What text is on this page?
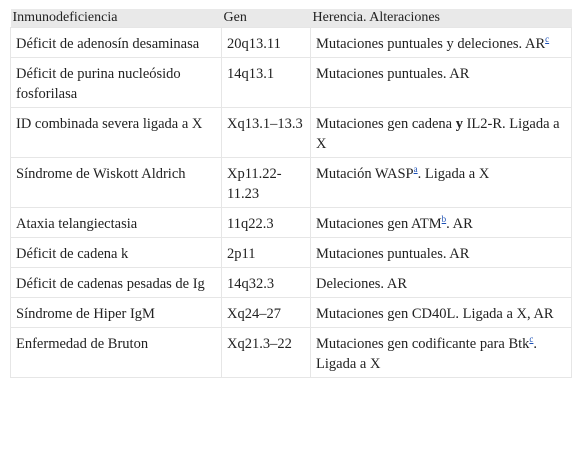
Inmunodeficiencia	Gen	Herencia. Alteraciones
Déficit de adenosín desaminasa	20q13.11	Mutaciones puntuales y deleciones. AR$^c$
Déficit de purina nucleósido fosforilasa	14q13.1	Mutaciones puntuales. AR
ID combinada severa ligada a X	Xq13.1–13.3	Mutaciones gen cadena y IL2-R. Ligada a X
Síndrome de Wiskott Aldrich	Xp11.22-11.23	Mutación WASP$^a$. Ligada a X
Ataxia telangiectasia	11q22.3	Mutaciones gen ATM$^b$. AR
Déficit de cadena k	2p11	Mutaciones puntuales. AR
Déficit de cadenas pesadas de Ig	14q32.3	Deleciones. AR
Síndrome de Hiper IgM	Xq24–27	Mutaciones gen CD40L. Ligada a X, AR
Enfermedad de Bruton	Xq21.3–22	Mutaciones gen codificante para Btk$^c$. Ligada a X
